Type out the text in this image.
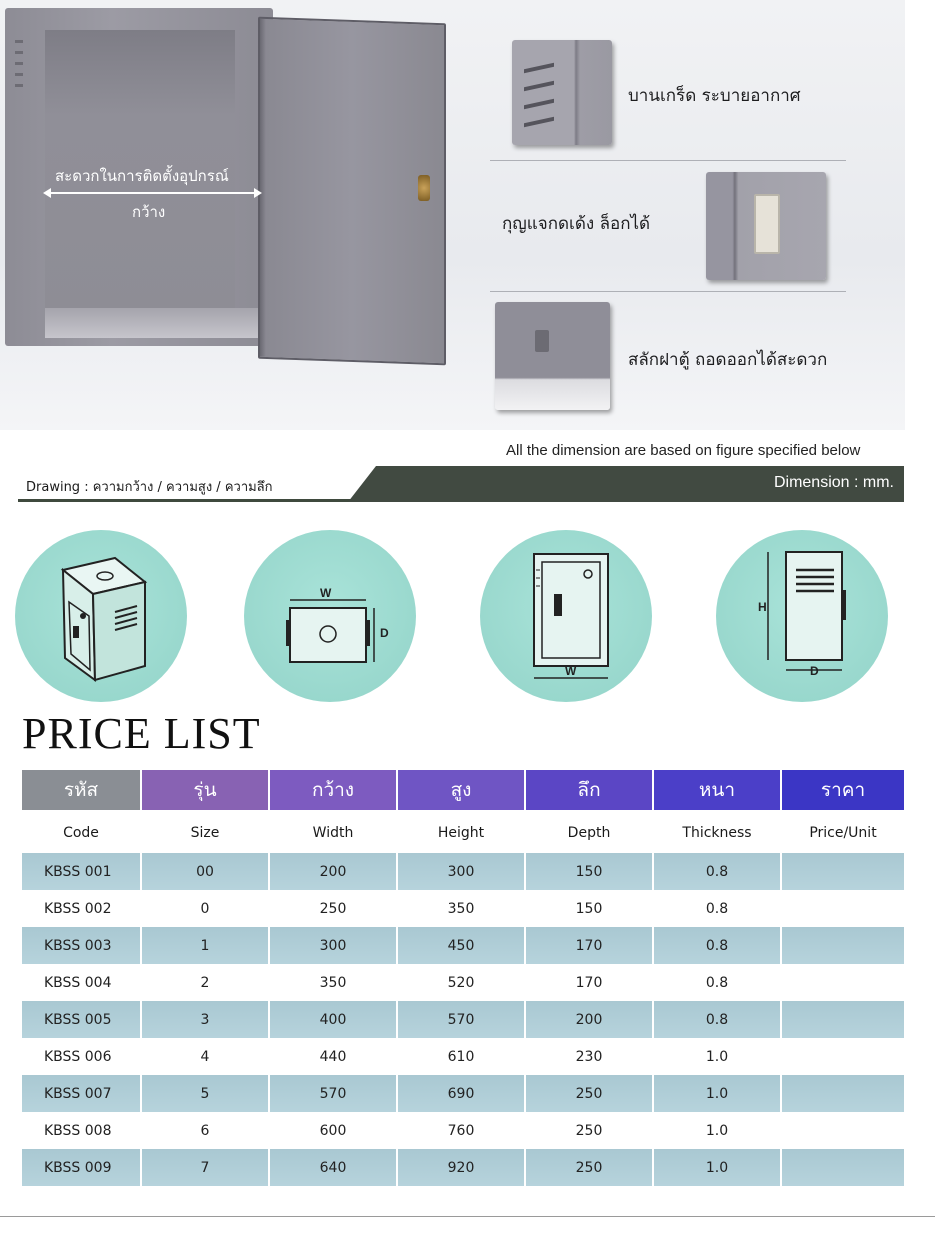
สะดวกในการติดตั้งอุปกรณ์
กว้าง
บานเกร็ด ระบายอากาศ
กุญแจกดเด้ง ล็อกได้
สลักฝาตู้ ถอดออกได้สะดวก
All the dimension are based on figure specified below
Drawing : ความกว้าง / ความสูง / ความลึก	Dimension : mm.
W
D
W
H
D
PRICE LIST
รหัส	รุ่น	กว้าง	สูง	ลึก	หนา	ราคา
Code	Size	Width	Height	Depth	Thickness	Price/Unit
KBSS 001	00	200	300	150	0.8	
KBSS 002	0	250	350	150	0.8	
KBSS 003	1	300	450	170	0.8	
KBSS 004	2	350	520	170	0.8	
KBSS 005	3	400	570	200	0.8	
KBSS 006	4	440	610	230	1.0	
KBSS 007	5	570	690	250	1.0	
KBSS 008	6	600	760	250	1.0	
KBSS 009	7	640	920	250	1.0	
